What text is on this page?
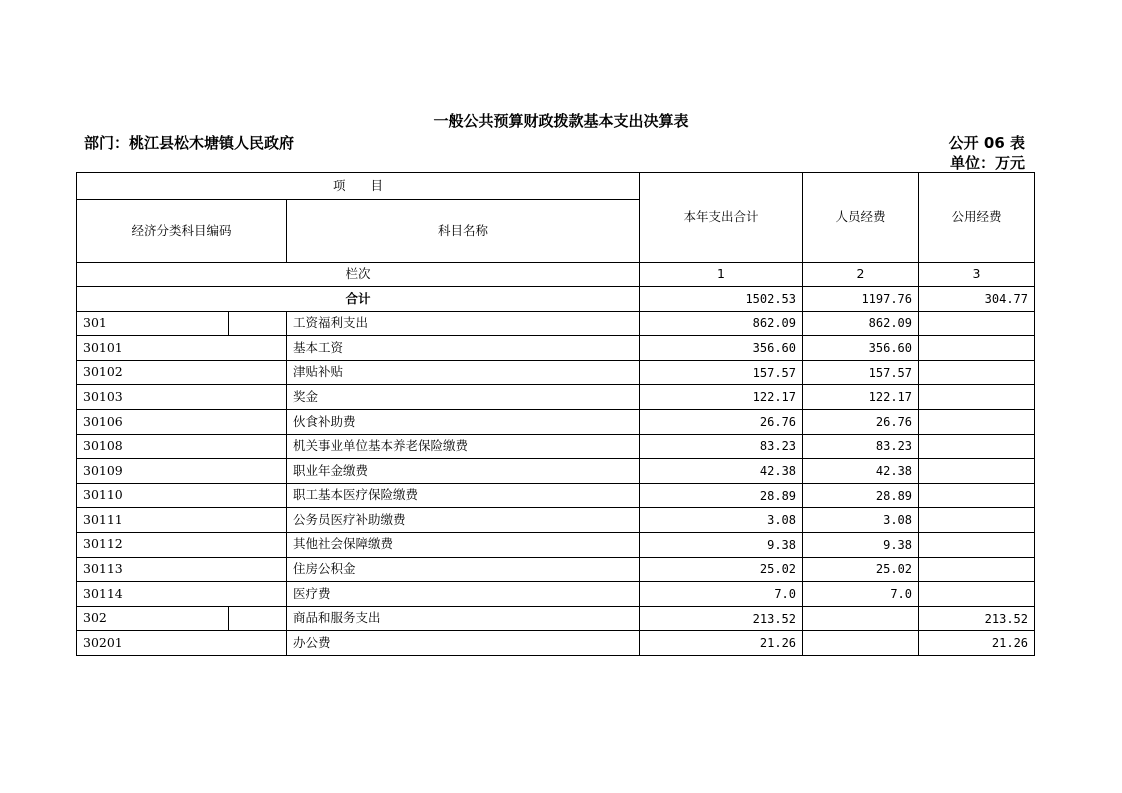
一般公共预算财政拨款基本支出决算表
部门：桃江县松木塘镇人民政府	公开 06 表
单位：万元
项　　目			本年支出合计	人员经费	公用经费
经济分类科目编码		科目名称			
栏次			1	2	3
合计			1502.53	1197.76	304.77
301		工资福利支出	862.09	862.09	
30101		基本工资	356.60	356.60	
30102		津贴补贴	157.57	157.57	
30103		奖金	122.17	122.17	
30106		伙食补助费	26.76	26.76	
30108		机关事业单位基本养老保险缴费	83.23	83.23	
30109		职业年金缴费	42.38	42.38	
30110		职工基本医疗保险缴费	28.89	28.89	
30111		公务员医疗补助缴费	3.08	3.08	
30112		其他社会保障缴费	9.38	9.38	
30113		住房公积金	25.02	25.02	
30114		医疗费	7.0	7.0	
302		商品和服务支出	213.52		213.52
30201		办公费	21.26		21.26
